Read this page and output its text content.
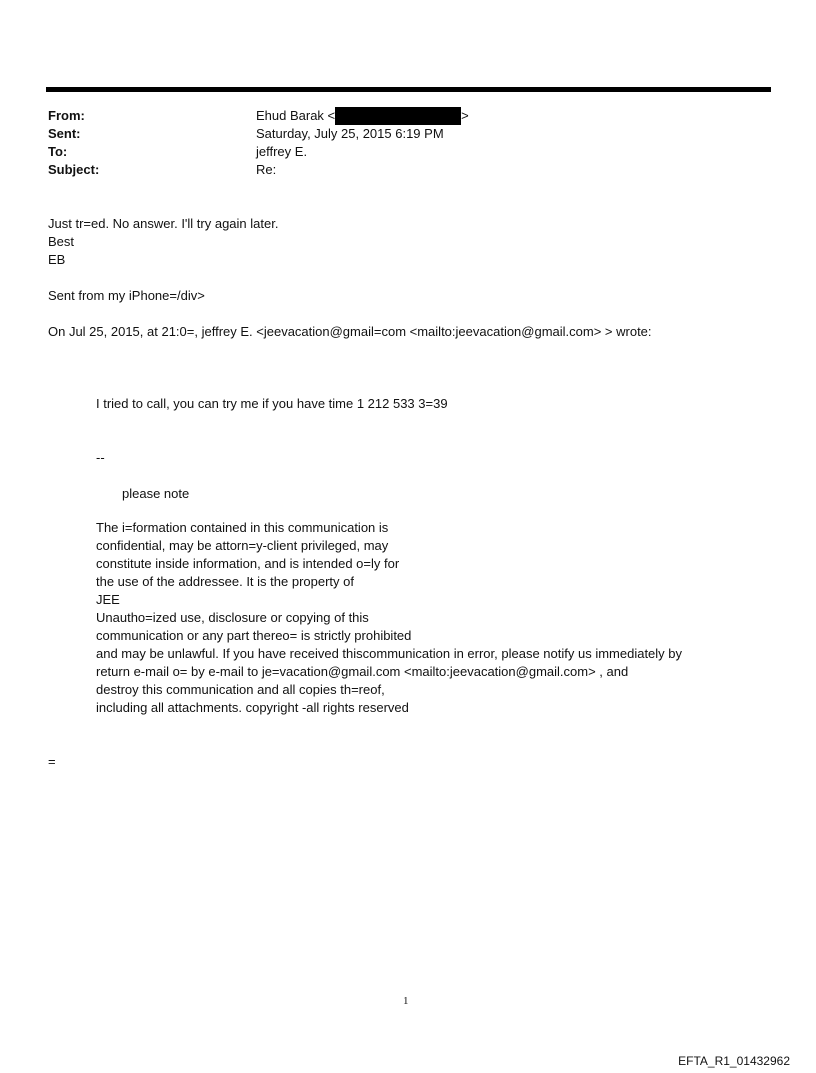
From:	Ehud Barak <	>
Sent:	Saturday, July 25, 2015 6:19 PM
To:	jeffrey E.
Subject:	Re:
Just tr=ed. No answer. I'll try again later.
Best
EB
Sent from my iPhone=/div>
On Jul 25, 2015, at 21:0=, jeffrey E. <jeevacation@gmail=com <mailto:jeevacation@gmail.com> > wrote:
I tried to call, you can try me if you have time 1 212 533 3=39
--
please note
The i=formation contained in this communication is
confidential, may be attorn=y-client privileged, may
constitute inside information, and is intended o=ly for
the use of the addressee. It is the property of
JEE
Unautho=ized use, disclosure or copying of this
communication or any part thereo= is strictly prohibited
and may be unlawful. If you have received thiscommunication in error, please notify us immediately by
return e-mail o= by e-mail to je=vacation@gmail.com <mailto:jeevacation@gmail.com> , and
destroy this communication and all copies th=reof,
including all attachments. copyright -all rights reserved
=
1
EFTA_R1_01432962
